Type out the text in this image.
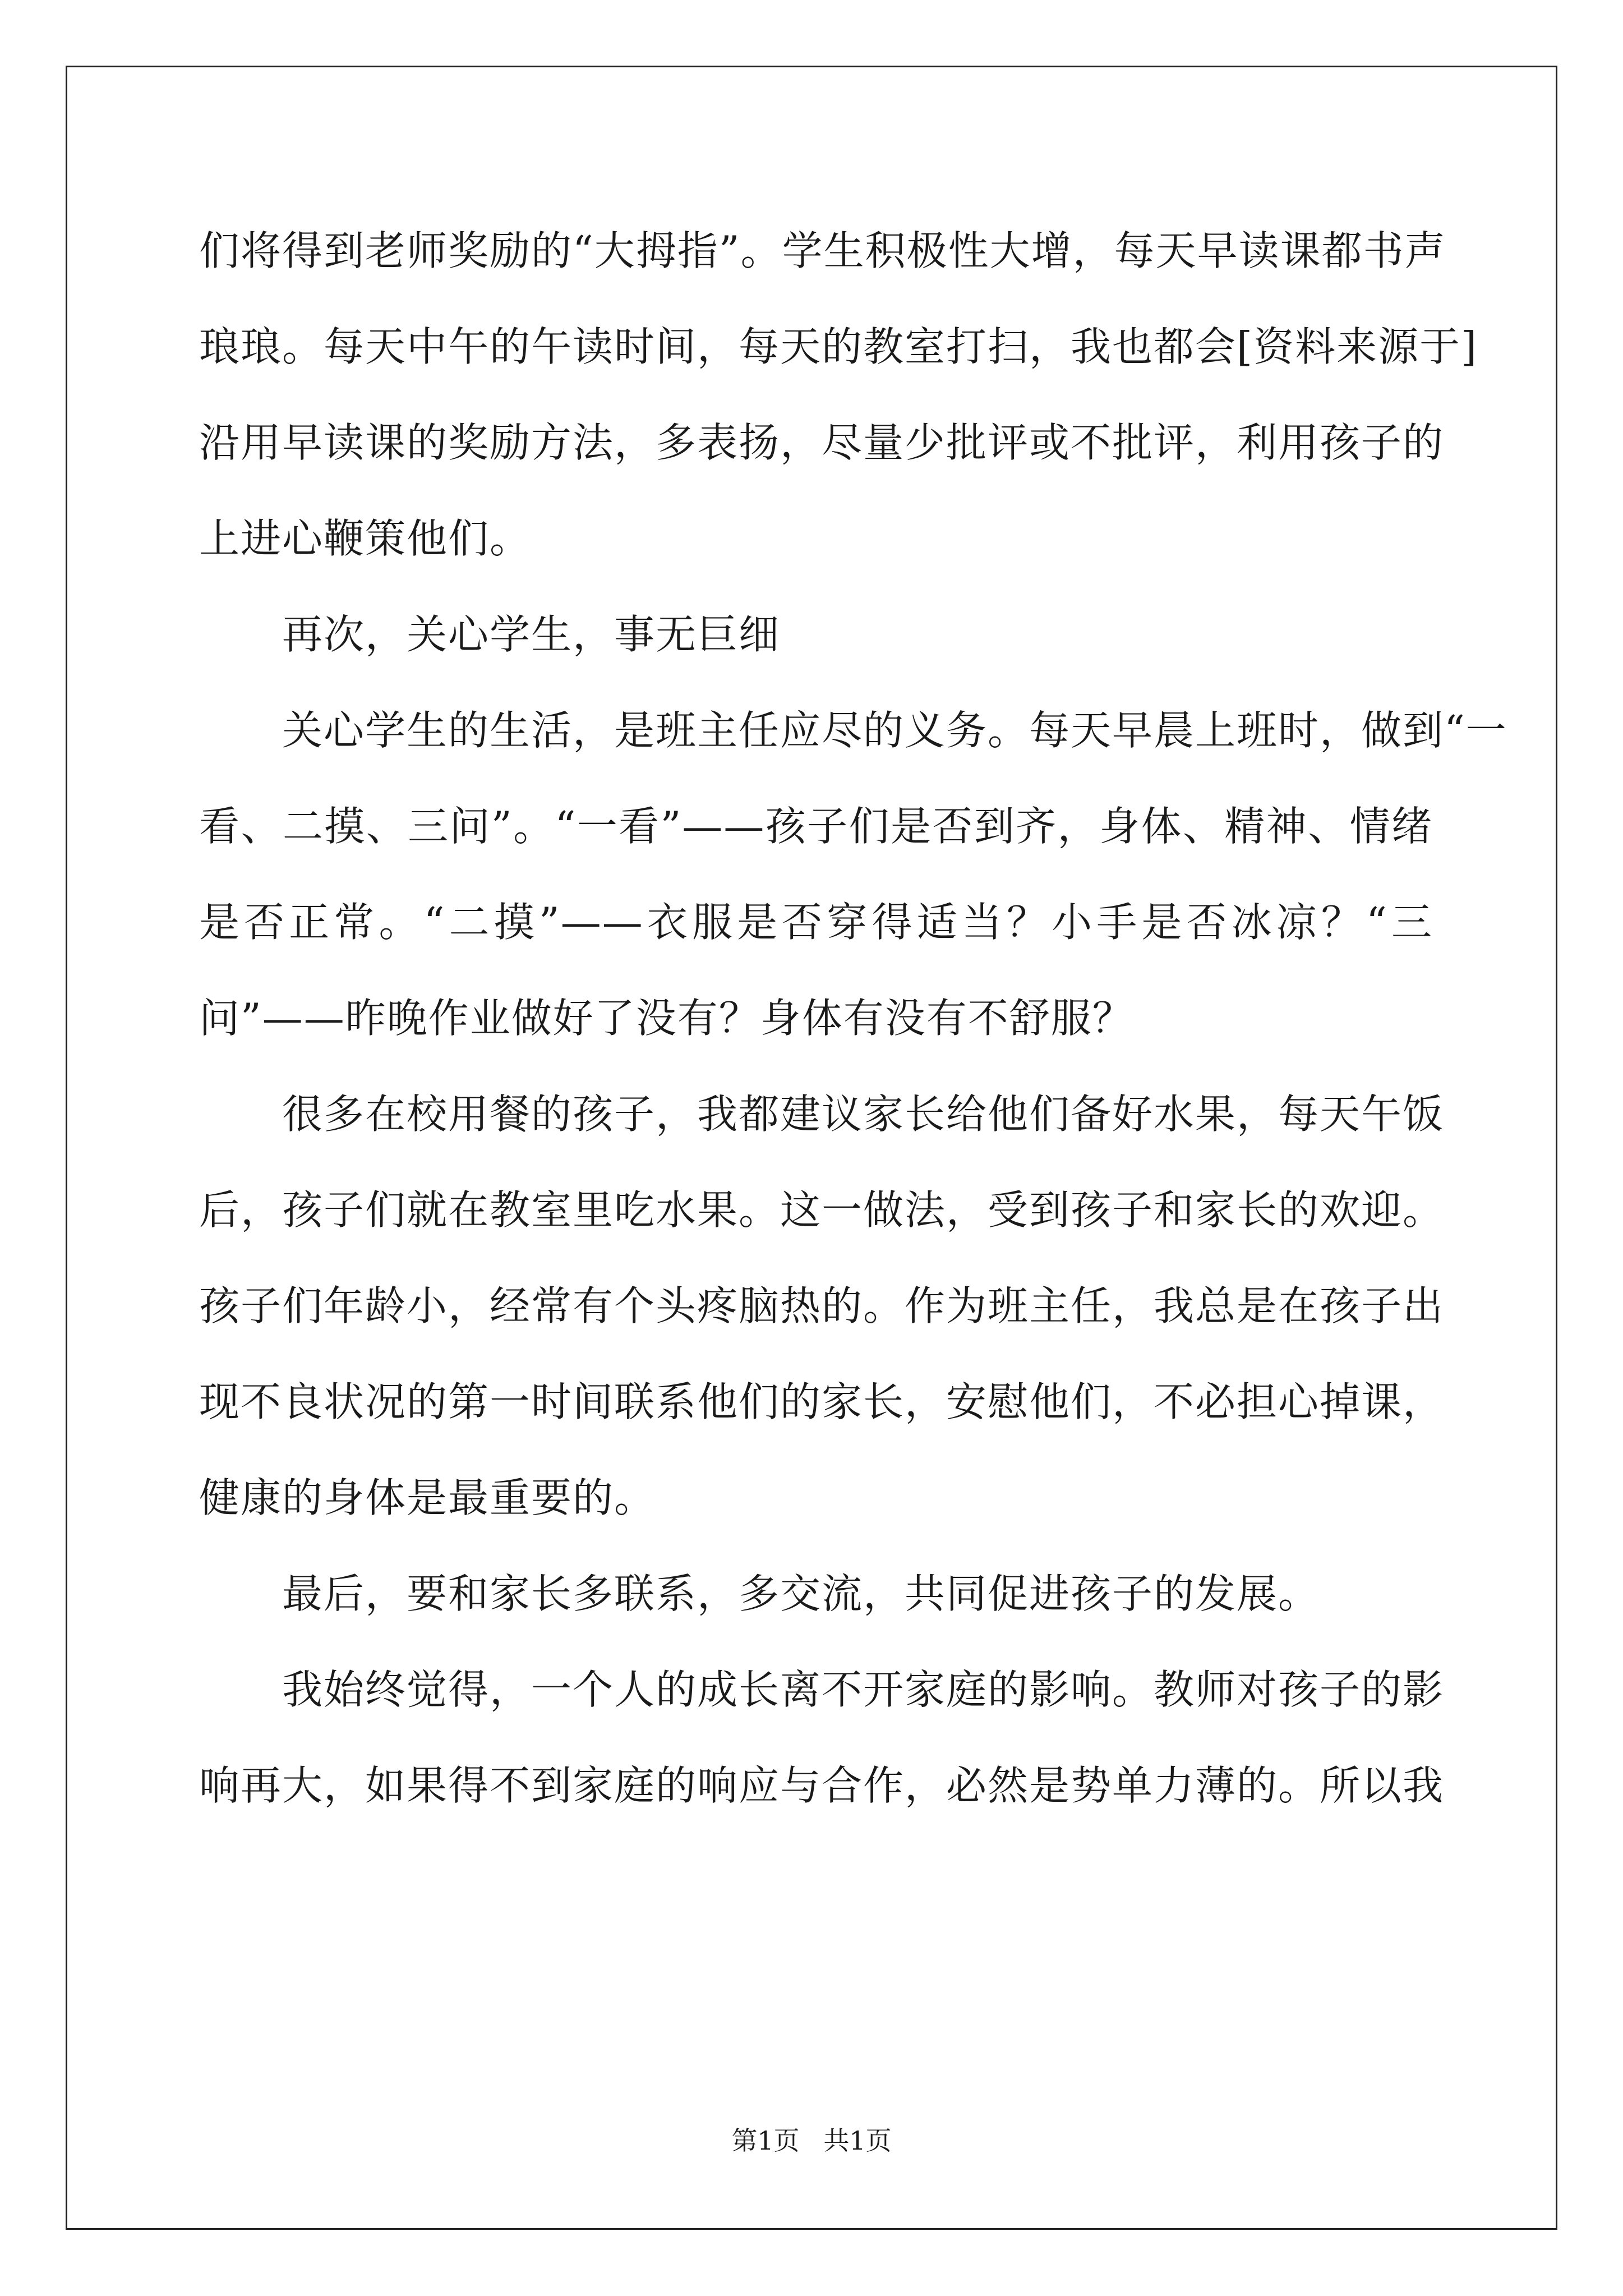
们将得到老师奖励的“大拇指”。学生积极性大增，每天早读课都书声
琅琅。每天中午的午读时间，每天的教室打扫，我也都会[资料来源于]
沿用早读课的奖励方法，多表扬，尽量少批评或不批评，利用孩子的
上进心鞭策他们。
再次，关心学生，事无巨细
关心学生的生活，是班主任应尽的义务。每天早晨上班时，做到“一
看、二摸、三问”。“一看”——孩子们是否到齐，身体、精神、情绪
是否正常。“二摸”——衣服是否穿得适当？小手是否冰凉？“三
问”——昨晚作业做好了没有？身体有没有不舒服？
很多在校用餐的孩子，我都建议家长给他们备好水果，每天午饭
后，孩子们就在教室里吃水果。这一做法，受到孩子和家长的欢迎。
孩子们年龄小，经常有个头疼脑热的。作为班主任，我总是在孩子出
现不良状况的第一时间联系他们的家长，安慰他们，不必担心掉课，
健康的身体是最重要的。
最后，要和家长多联系，多交流，共同促进孩子的发展。
我始终觉得，一个人的成长离不开家庭的影响。教师对孩子的影
响再大，如果得不到家庭的响应与合作，必然是势单力薄的。所以我
第1页 共1页
